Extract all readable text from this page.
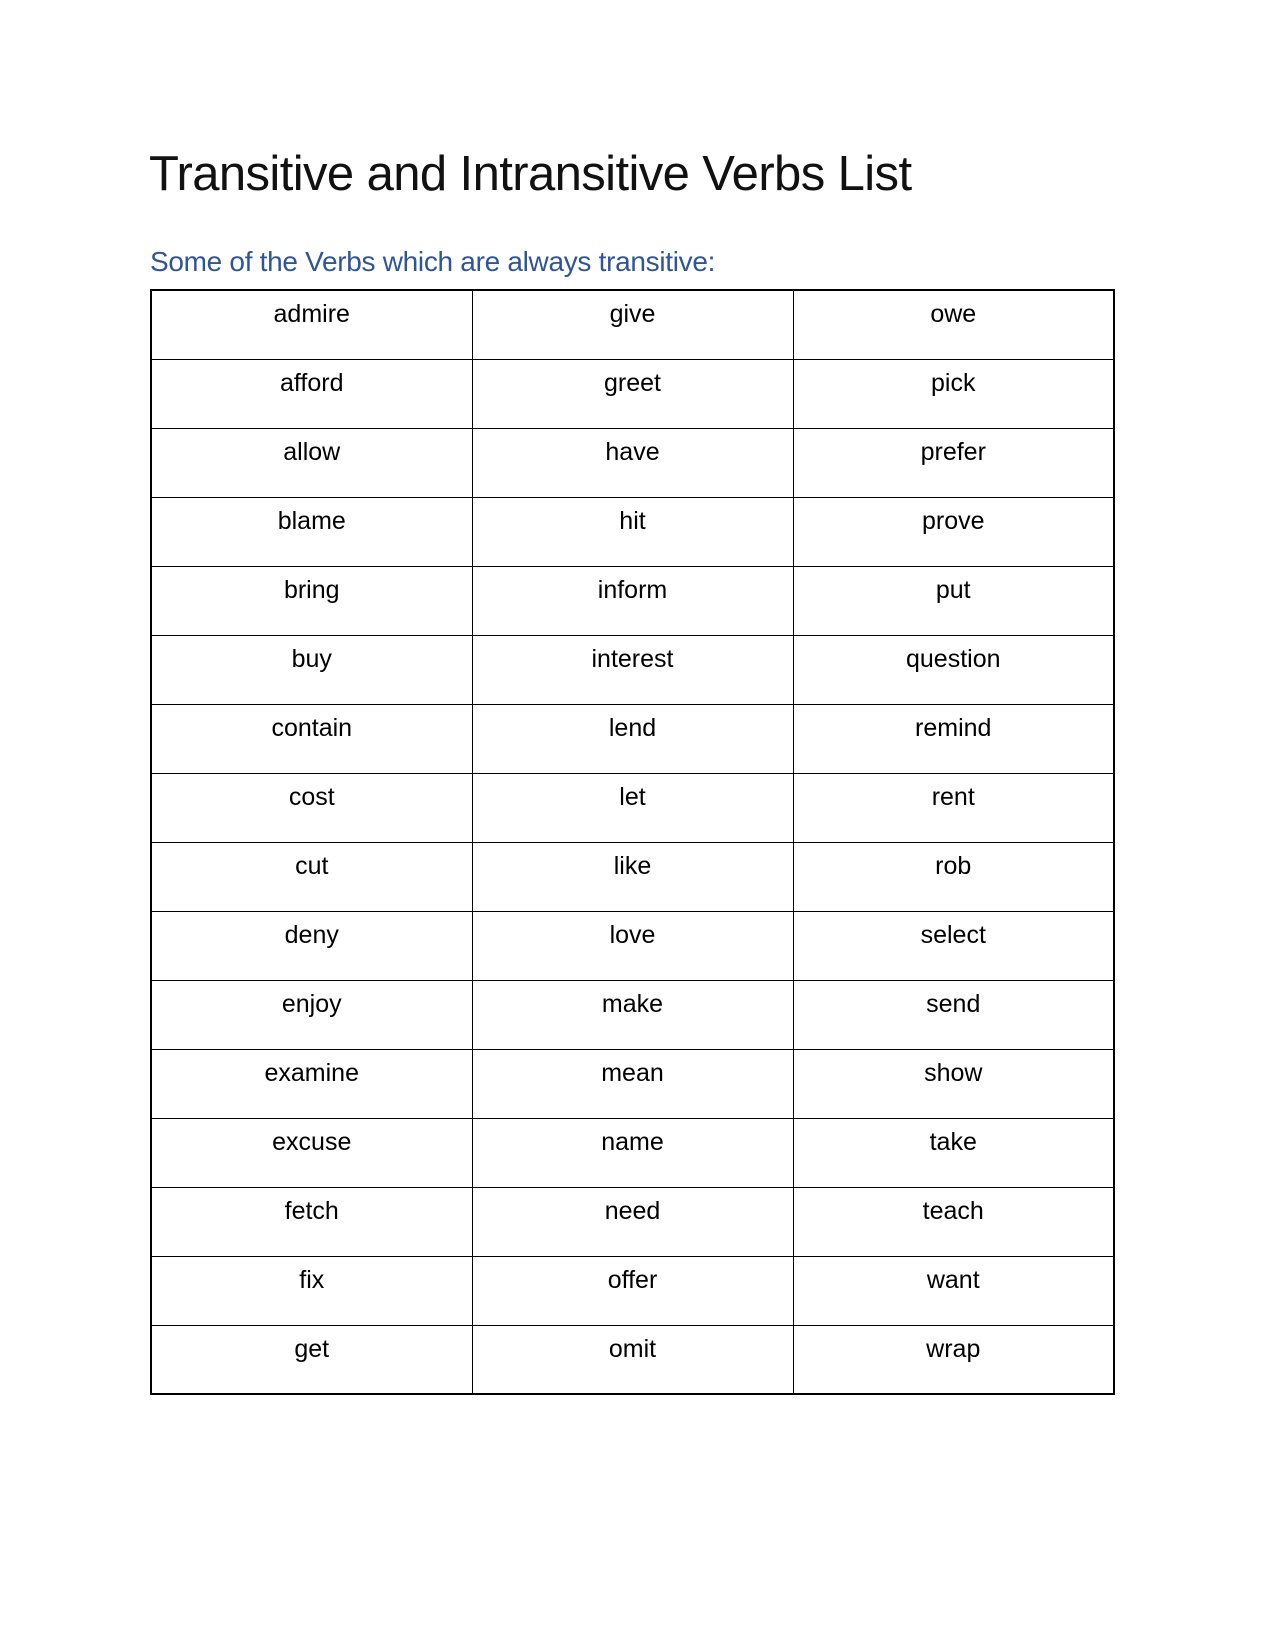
Transitive and Intransitive Verbs List
Some of the Verbs which are always transitive:
admire	give	owe
afford	greet	pick
allow	have	prefer
blame	hit	prove
bring	inform	put
buy	interest	question
contain	lend	remind
cost	let	rent
cut	like	rob
deny	love	select
enjoy	make	send
examine	mean	show
excuse	name	take
fetch	need	teach
fix	offer	want
get	omit	wrap
